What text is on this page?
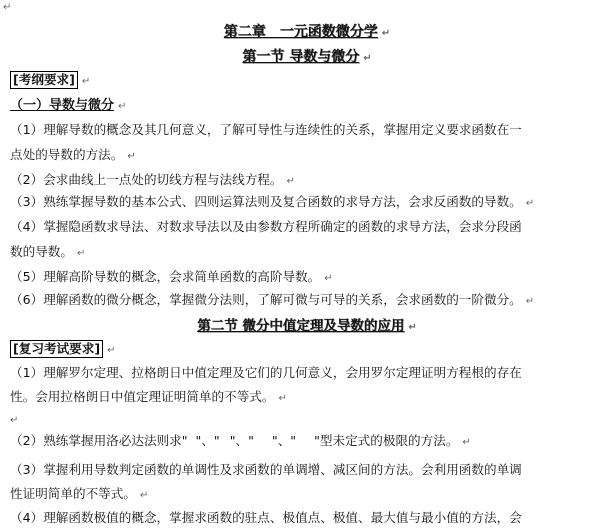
↵
第二章　一元函数微分学 ↵
第一节 导数与微分 ↵
[考纲要求] ↵
（一）导数与微分 ↵
（1）理解导数的概念及其几何意义，了解可导性与连续性的关系，掌握用定义要求函数在一
点处的导数的方法。 ↵
（2）会求曲线上一点处的切线方程与法线方程。 ↵
（3）熟练掌握导数的基本公式、四则运算法则及复合函数的求导方法，会求反函数的导数。 ↵
（4）掌握隐函数求导法、对数求导法以及由参数方程所确定的函数的求导方法，会求分段函
数的导数。 ↵
（5）理解高阶导数的概念，会求简单函数的高阶导数。 ↵
（6）理解函数的微分概念，掌握微分法则，了解可微与可导的关系，会求函数的一阶微分。 ↵
第二节 微分中值定理及导数的应用 ↵
[复习考试要求] ↵
（1）理解罗尔定理、拉格朗日中值定理及它们的几何意义，会用罗尔定理证明方程根的存在
性。会用拉格朗日中值定理证明简单的不等式。 ↵
↵
（2）熟练掌握用洛必达法则求" "、" "、" "、" "型未定式的极限的方法。 ↵
（3）掌握利用导数判定函数的单调性及求函数的单调增、减区间的方法。会利用函数的单调
性证明简单的不等式。 ↵
（4）理解函数极值的概念，掌握求函数的驻点、极值点、极值、最大值与最小值的方法，会
